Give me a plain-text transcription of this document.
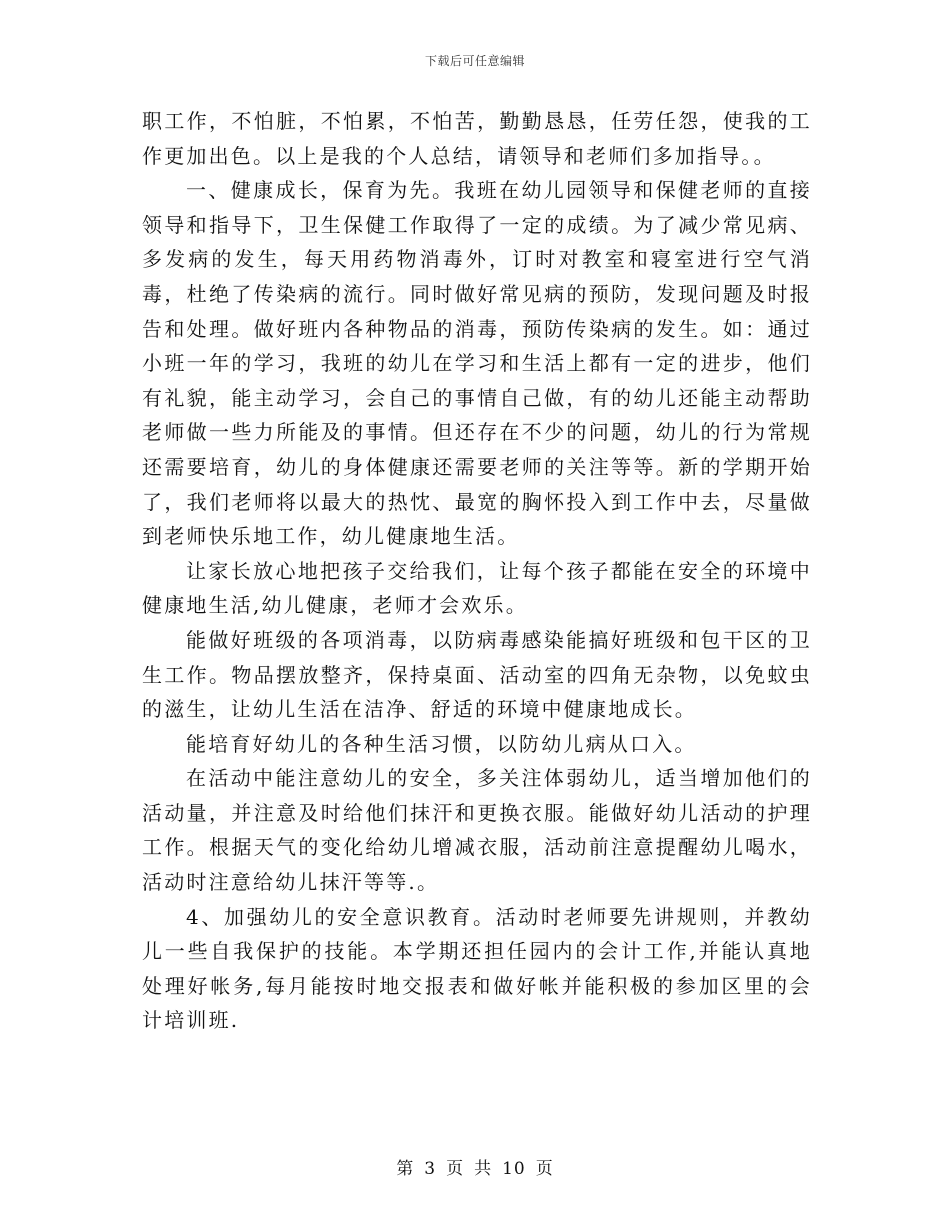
下载后可任意编辑

职工作，不怕脏，不怕累，不怕苦，勤勤恳恳，任劳任怨，使我的工作更加出色。以上是我的个人总结，请领导和老师们多加指导。。

一、健康成长，保育为先。我班在幼儿园领导和保健老师的直接领导和指导下，卫生保健工作取得了一定的成绩。为了减少常见病、多发病的发生，每天用药物消毒外，订时对教室和寝室进行空气消毒，杜绝了传染病的流行。同时做好常见病的预防，发现问题及时报告和处理。做好班内各种物品的消毒，预防传染病的发生。如：通过小班一年的学习，我班的幼儿在学习和生活上都有一定的进步，他们有礼貌，能主动学习，会自己的事情自己做，有的幼儿还能主动帮助老师做一些力所能及的事情。但还存在不少的问题，幼儿的行为常规还需要培育，幼儿的身体健康还需要老师的关注等等。新的学期开始了，我们老师将以最大的热忱、最宽的胸怀投入到工作中去，尽量做到老师快乐地工作，幼儿健康地生活。

让家长放心地把孩子交给我们，让每个孩子都能在安全的环境中健康地生活,幼儿健康，老师才会欢乐。

能做好班级的各项消毒，以防病毒感染能搞好班级和包干区的卫生工作。物品摆放整齐，保持桌面、活动室的四角无杂物，以免蚊虫的滋生，让幼儿生活在洁净、舒适的环境中健康地成长。

能培育好幼儿的各种生活习惯，以防幼儿病从口入。

在活动中能注意幼儿的安全，多关注体弱幼儿，适当增加他们的活动量，并注意及时给他们抹汗和更换衣服。能做好幼儿活动的护理工作。根据天气的变化给幼儿增减衣服，活动前注意提醒幼儿喝水，活动时注意给幼儿抹汗等等.。

4、加强幼儿的安全意识教育。活动时老师要先讲规则，并教幼儿一些自我保护的技能。本学期还担任园内的会计工作,并能认真地处理好帐务,每月能按时地交报表和做好帐并能积极的参加区里的会计培训班.

第 3 页 共 10 页
